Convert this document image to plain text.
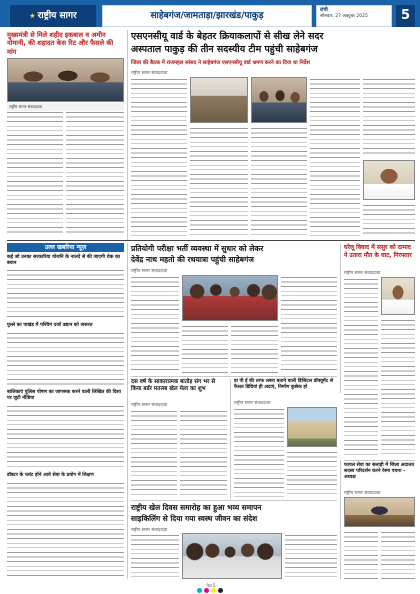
★ राष्ट्रीय सागर	साहेबगंज/जामताड़ा/झारखंड/पाकुड़
रांची
सोमवार, 27 अक्टूबर 2025	5
मुख्यमंत्री से मिले शहीद इकबाल व अमीन नोमानी, की शहादत केस रिट और फैसले की मांग
राष्ट्रीय सागर संवाददाता
एसएनसीयू वार्ड के बेहतर क्रियाकलापों से सीख लेने सदर
अस्पताल पाकुड़ की तीन सदस्यीय टीम पहुंची साहेबगंज
जिला की बैठक में राजमहल सांसद ने साहेबगंज एसएनसीयू वार्ड भ्रमण करने का दिया था निर्देश
राष्ट्रीय सागर संवाददाता
उल्ल खबरिया न्यूज़
कई जो उनका सरकारिया योजनि के नालदे से की जाएगी रोक का बयान
पुल्ले का पाखंड में पश्चिम दर्जा उद्यान को जरूरत
बालिकाएं पुलिस पोषण का जागरूक करने वाली लिखित की दिशा पर जुटी मीडिया
डॉक्टर के प्लांट होने आये सेवा के प्रयोग में शिक्षण
प्रतियोगी परीक्षा भर्ती व्यवस्था में सुधार को लेकर
देवेंद्र नाथ महतो की रथयात्रा पहुंची साहेबगंज
राष्ट्रीय सागर संवाददाता
घरेलू विवाद में ससुर को दामाद ने उतारा मौत के घाट, गिरफ्तार
राष्ट्रीय सागर संवाददाता
दस वर्ष के साकारात्मक बातोड़ संग भर से किया बर्डर मतलब खेल मेला का शुभ
राष्ट्रीय सागर संवाददाता
डा पी ई की तरफ लबरा बताने वाली डिजिटल डॉक्यूमेंट से फैलत डिग्रियां ही अदाएं, निर्माण कुछेक हो
राष्ट्रीय सागर संवाददाता
राष्ट्रीय खेल दिवस समारोह का हुआ भव्य समापन
साइकिलिंग से दिया गया स्वस्थ जीवन का संदेश
राष्ट्रीय सागर संवाददाता
फायल सेवा का सलाही में जिला अदालत सदस्य परिदर्शन करने रेस्मा पचना - अध्यक्ष
राष्ट्रीय सागर संवाददाता
पेज 5
